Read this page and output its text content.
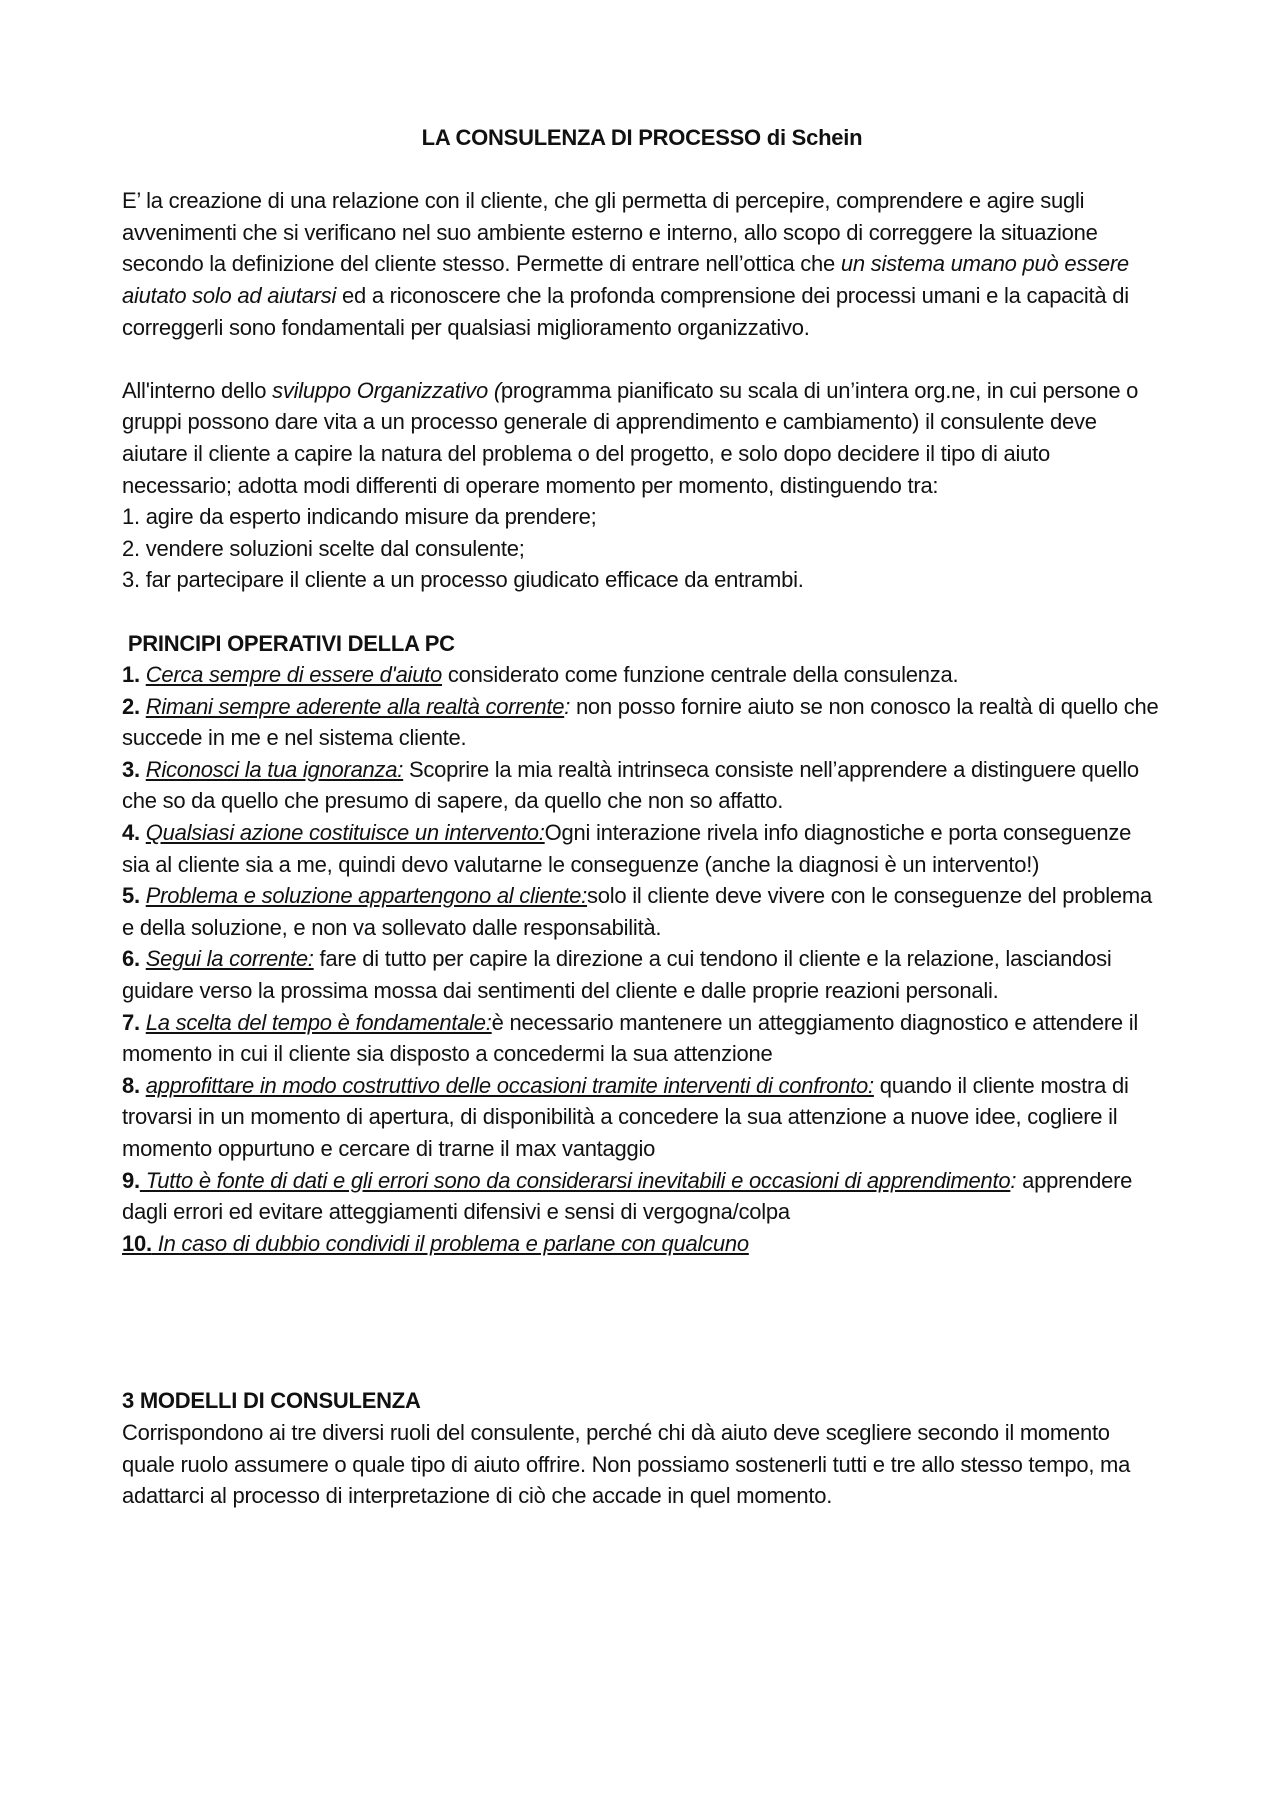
LA CONSULENZA DI PROCESSO di Schein

E’ la creazione di una relazione con il cliente, che gli permetta di percepire, comprendere e agire sugli avvenimenti che si verificano nel suo ambiente esterno e interno, allo scopo di correggere la situazione secondo la definizione del cliente stesso. Permette di entrare nell’ottica che un sistema umano può essere aiutato solo ad aiutarsi ed a riconoscere che la profonda comprensione dei processi umani e la capacità di correggerli sono fondamentali per qualsiasi miglioramento organizzativo.

All'interno dello sviluppo Organizzativo (programma pianificato su scala di un’intera org.ne, in cui persone o gruppi possono dare vita a un processo generale di apprendimento e cambiamento) il consulente deve aiutare il cliente a capire la natura del problema o del progetto, e solo dopo decidere il tipo di aiuto necessario; adotta modi differenti di operare momento per momento, distinguendo tra:

1. agire da esperto indicando misure da prendere;

2. vendere soluzioni scelte dal consulente;

3. far partecipare il cliente a un processo giudicato efficace da entrambi.

PRINCIPI OPERATIVI DELLA PC

1. Cerca sempre di essere d'aiuto considerato come funzione centrale della consulenza.

2. Rimani sempre aderente alla realtà corrente: non posso fornire aiuto se non conosco la realtà di quello che succede in me e nel sistema cliente.

3. Riconosci la tua ignoranza: Scoprire la mia realtà intrinseca consiste nell’apprendere a distinguere quello che so da quello che presumo di sapere, da quello che non so affatto.

4. Qualsiasi azione costituisce un intervento:Ogni interazione rivela info diagnostiche e porta conseguenze sia al cliente sia a me, quindi devo valutarne le conseguenze (anche la diagnosi è un intervento!)

5. Problema e soluzione appartengono al cliente:solo il cliente deve vivere con le conseguenze del problema e della soluzione, e non va sollevato dalle responsabilità.

6. Segui la corrente: fare di tutto per capire la direzione a cui tendono il cliente e la relazione, lasciandosi guidare verso la prossima mossa dai sentimenti del cliente e dalle proprie reazioni personali.

7. La scelta del tempo è fondamentale:è necessario mantenere un atteggiamento diagnostico e attendere il momento in cui il cliente sia disposto a concedermi la sua attenzione

8. approfittare in modo costruttivo delle occasioni tramite interventi di confronto: quando il cliente mostra di trovarsi in un momento di apertura, di disponibilità a concedere la sua attenzione a nuove idee, cogliere il momento oppurtuno e cercare di trarne il max vantaggio

9. Tutto è fonte di dati e gli errori sono da considerarsi inevitabili e occasioni di apprendimento: apprendere dagli errori ed evitare atteggiamenti difensivi e sensi di vergogna/colpa

10. In caso di dubbio condividi il problema e parlane con qualcuno

3 MODELLI DI CONSULENZA

Corrispondono ai tre diversi ruoli del consulente, perché chi dà aiuto deve scegliere secondo il momento quale ruolo assumere o quale tipo di aiuto offrire. Non possiamo sostenerli tutti e tre allo stesso tempo, ma adattarci al processo di interpretazione di ciò che accade in quel momento.
